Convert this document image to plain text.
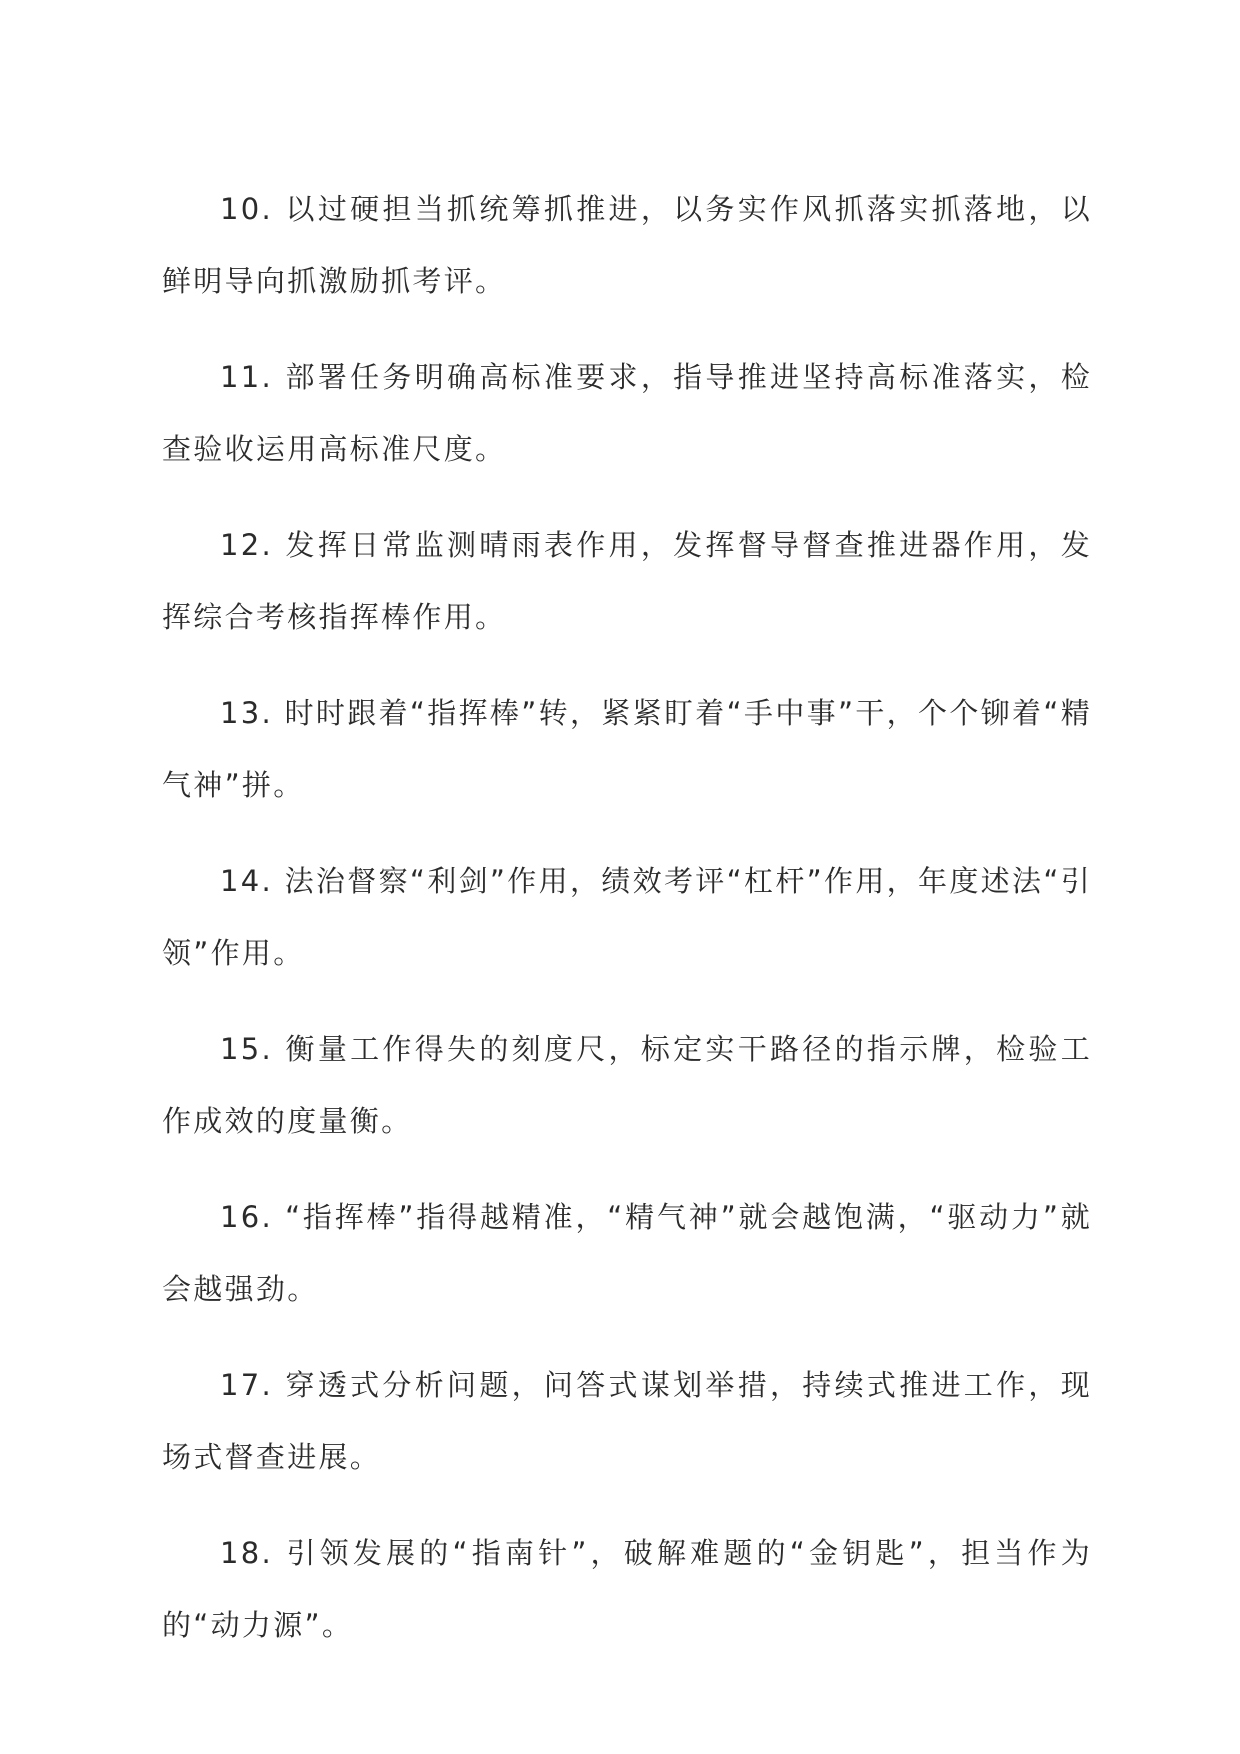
10. 以过硬担当抓统筹抓推进，以务实作风抓落实抓落地，以鲜明导向抓激励抓考评。

11. 部署任务明确高标准要求，指导推进坚持高标准落实，检查验收运用高标准尺度。

12. 发挥日常监测晴雨表作用，发挥督导督查推进器作用，发挥综合考核指挥棒作用。

13. 时时跟着“指挥棒”转，紧紧盯着“手中事”干，个个铆着“精气神”拼。

14. 法治督察“利剑”作用，绩效考评“杠杆”作用，年度述法“引领”作用。

15. 衡量工作得失的刻度尺，标定实干路径的指示牌，检验工作成效的度量衡。

16. “指挥棒”指得越精准，“精气神”就会越饱满，“驱动力”就会越强劲。

17. 穿透式分析问题，问答式谋划举措，持续式推进工作，现场式督查进展。

18. 引领发展的“指南针”，破解难题的“金钥匙”，担当作为的“动力源”。
